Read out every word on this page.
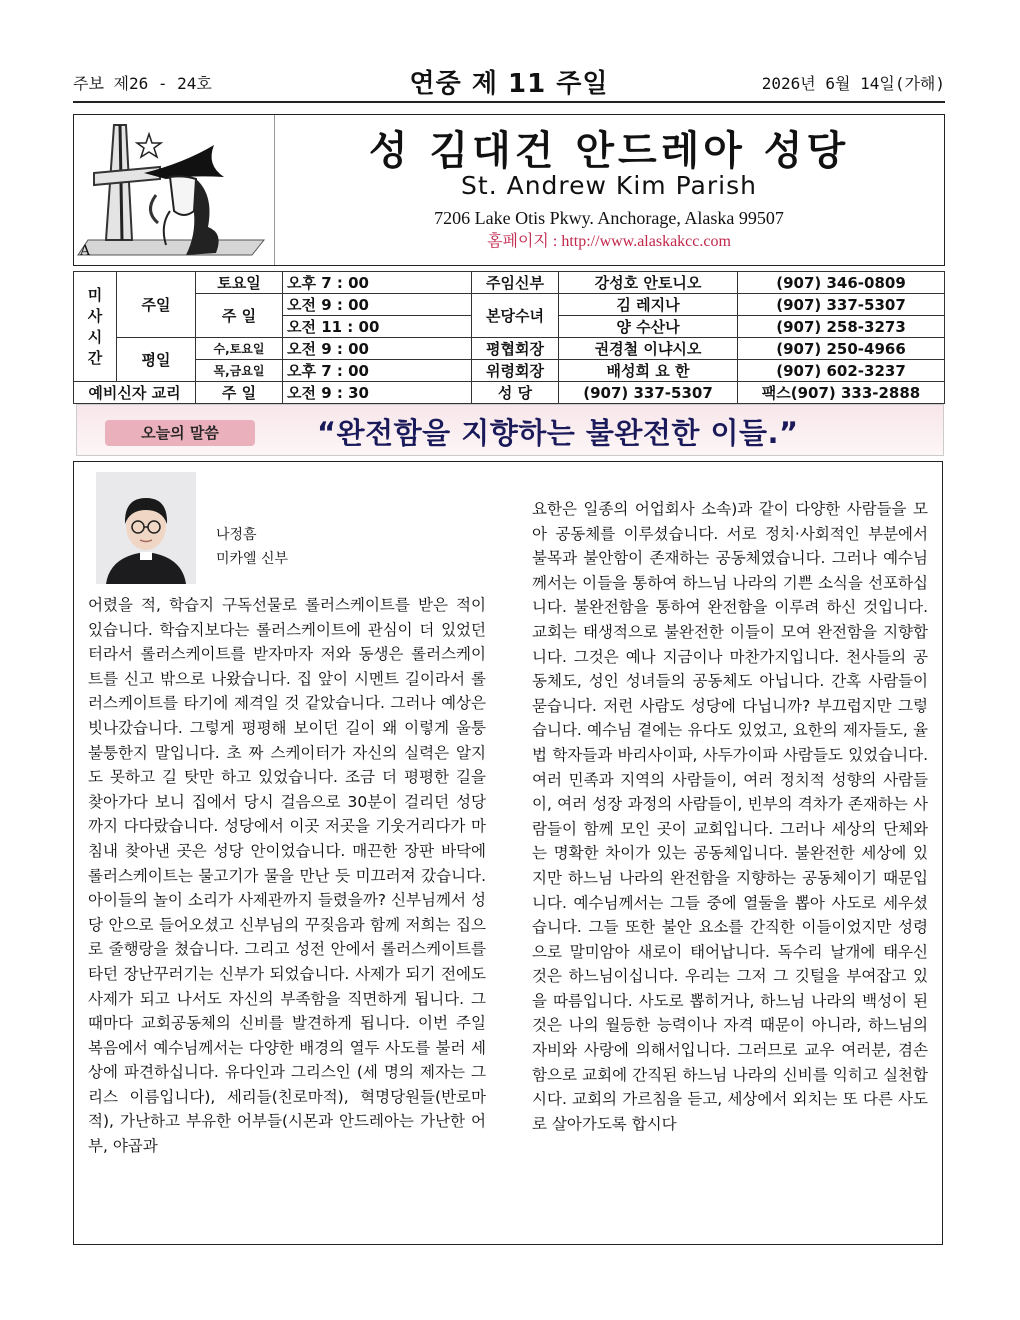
주보 제26 - 24호	연중 제 11 주일	2026년 6월 14일(가해)
A
성 김대건 안드레아 성당
St. Andrew Kim Parish
7206 Lake Otis Pkwy. Anchorage, Alaska 99507
홈페이지 : http://www.alaskakcc.com
미
사
시
간	주일	토요일	오후 7 : 00	주임신부	강성호 안토니오	(907) 346-0809
		주 일	오전 9 : 00	본당수녀	김 레지나	(907) 337-5307
			오전 11 : 00		양 수산나	(907) 258-3273
	평일	수,토요일	오전 9 : 00	평협회장	권경철 이냐시오	(907) 250-4966
		목,금요일	오후 7 : 00	위령회장	배성희 요 한	(907) 602-3237
예비신자 교리		주 일	오전 9 : 30	성 당	(907) 337-5307	팩스(907) 333-2888
오늘의 말씀	“완전함을 지향하는 불완전한 이들.”
나정흠
미카엘 신부

어렸을 적, 학습지 구독선물로 롤러스케이트를 받은 적이 있습니다. 학습지보다는 롤러스케이트에 관심이 더 있었던 터라서 롤러스케이트를 받자마자 저와 동생은 롤러스케이트를 신고 밖으로 나왔습니다. 집 앞이 시멘트 길이라서 롤러스케이트를 타기에 제격일 것 같았습니다. 그러나 예상은 빗나갔습니다. 그렇게 평평해 보이던 길이 왜 이렇게 울퉁불퉁한지 말입니다. 초 짜 스케이터가 자신의 실력은 알지도 못하고 길 탓만 하고 있었습니다. 조금 더 평평한 길을 찾아가다 보니 집에서 당시 걸음으로 30분이 걸리던 성당까지 다다랐습니다. 성당에서 이곳 저곳을 기웃거리다가 마침내 찾아낸 곳은 성당 안이었습니다. 매끈한 장판 바닥에 롤러스케이트는 물고기가 물을 만난 듯 미끄러져 갔습니다. 아이들의 놀이 소리가 사제관까지 들렸을까? 신부님께서 성당 안으로 들어오셨고 신부님의 꾸짖음과 함께 저희는 집으로 줄행랑을 쳤습니다. 그리고 성전 안에서 롤러스케이트를 타던 장난꾸러기는 신부가 되었습니다. 사제가 되기 전에도 사제가 되고 나서도 자신의 부족함을 직면하게 됩니다. 그때마다 교회공동체의 신비를 발견하게 됩니다. 이번 주일 복음에서 예수님께서는 다양한 배경의 열두 사도를 불러 세상에 파견하십니다. 유다인과 그리스인 (세 명의 제자는 그리스 이름입니다), 세리들(친로마적), 혁명당원들(반로마적), 가난하고 부유한 어부들(시몬과 안드레아는 가난한 어부, 야곱과

요한은 일종의 어업회사 소속)과 같이 다양한 사람들을 모아 공동체를 이루셨습니다. 서로 정치·사회적인 부분에서 불목과 불안함이 존재하는 공동체였습니다. 그러나 예수님께서는 이들을 통하여 하느님 나라의 기쁜 소식을 선포하십니다. 불완전함을 통하여 완전함을 이루려 하신 것입니다. 교회는 태생적으로 불완전한 이들이 모여 완전함을 지향합니다. 그것은 예나 지금이나 마찬가지입니다. 천사들의 공동체도, 성인 성녀들의 공동체도 아닙니다. 간혹 사람들이 묻습니다. 저런 사람도 성당에 다닙니까? 부끄럽지만 그렇습니다. 예수님 곁에는 유다도 있었고, 요한의 제자들도, 율법 학자들과 바리사이파, 사두가이파 사람들도 있었습니다. 여러 민족과 지역의 사람들이, 여러 정치적 성향의 사람들이, 여러 성장 과정의 사람들이, 빈부의 격차가 존재하는 사람들이 함께 모인 곳이 교회입니다. 그러나 세상의 단체와는 명확한 차이가 있는 공동체입니다. 불완전한 세상에 있지만 하느님 나라의 완전함을 지향하는 공동체이기 때문입니다. 예수님께서는 그들 중에 열둘을 뽑아 사도로 세우셨습니다. 그들 또한 불안 요소를 간직한 이들이었지만 성령으로 말미암아 새로이 태어납니다. 독수리 날개에 태우신 것은 하느님이십니다. 우리는 그저 그 깃털을 부여잡고 있을 따름입니다. 사도로 뽑히거나, 하느님 나라의 백성이 된 것은 나의 월등한 능력이나 자격 때문이 아니라, 하느님의 자비와 사랑에 의해서입니다. 그러므로 교우 여러분, 겸손함으로 교회에 간직된 하느님 나라의 신비를 익히고 실천합시다. 교회의 가르침을 듣고, 세상에서 외치는 또 다른 사도로 살아가도록 합시다
